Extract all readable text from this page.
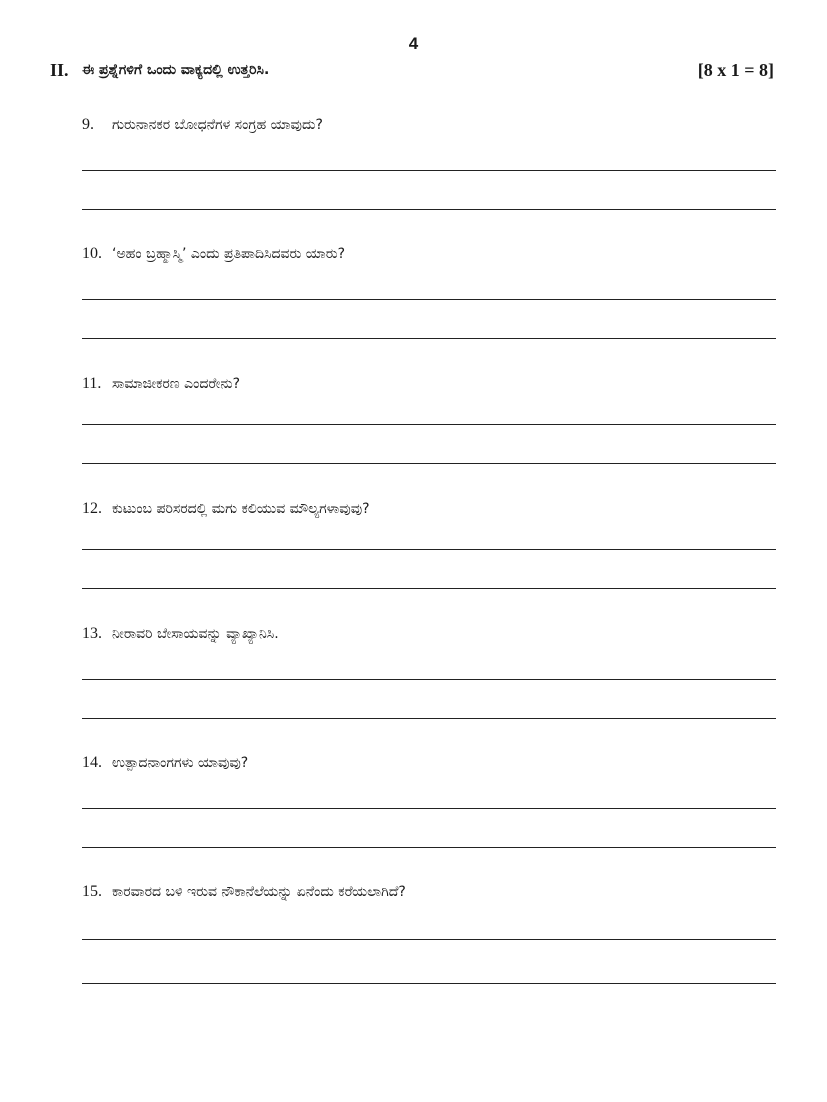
4
II. ಈ ಪ್ರಶ್ನೆಗಳಿಗೆ ಒಂದು ವಾಕ್ಯದಲ್ಲಿ ಉತ್ತರಿಸಿ.	[8 x 1 = 8]
9. ಗುರುನಾನಕರ ಬೋಧನೆಗಳ ಸಂಗ್ರಹ ಯಾವುದು?
10. ‘ಅಹಂ ಬ್ರಹ್ಮಾಸ್ಮಿ’ ಎಂದು ಪ್ರತಿಪಾದಿಸಿದವರು ಯಾರು?
11. ಸಾಮಾಜೀಕರಣ ಎಂದರೇನು?
12. ಕುಟುಂಬ ಪರಿಸರದಲ್ಲಿ ಮಗು ಕಲಿಯುವ ಮೌಲ್ಯಗಳಾವುವು?
13. ನೀರಾವರಿ ಬೇಸಾಯವನ್ನು ವ್ಯಾಖ್ಯಾನಿಸಿ.
14. ಉತ್ಪಾದನಾಂಗಗಳು ಯಾವುವು?
15. ಕಾರವಾರದ ಬಳಿ ಇರುವ ನೌಕಾನೆಲೆಯನ್ನು ಏನೆಂದು ಕರೆಯಲಾಗಿದೆ?
